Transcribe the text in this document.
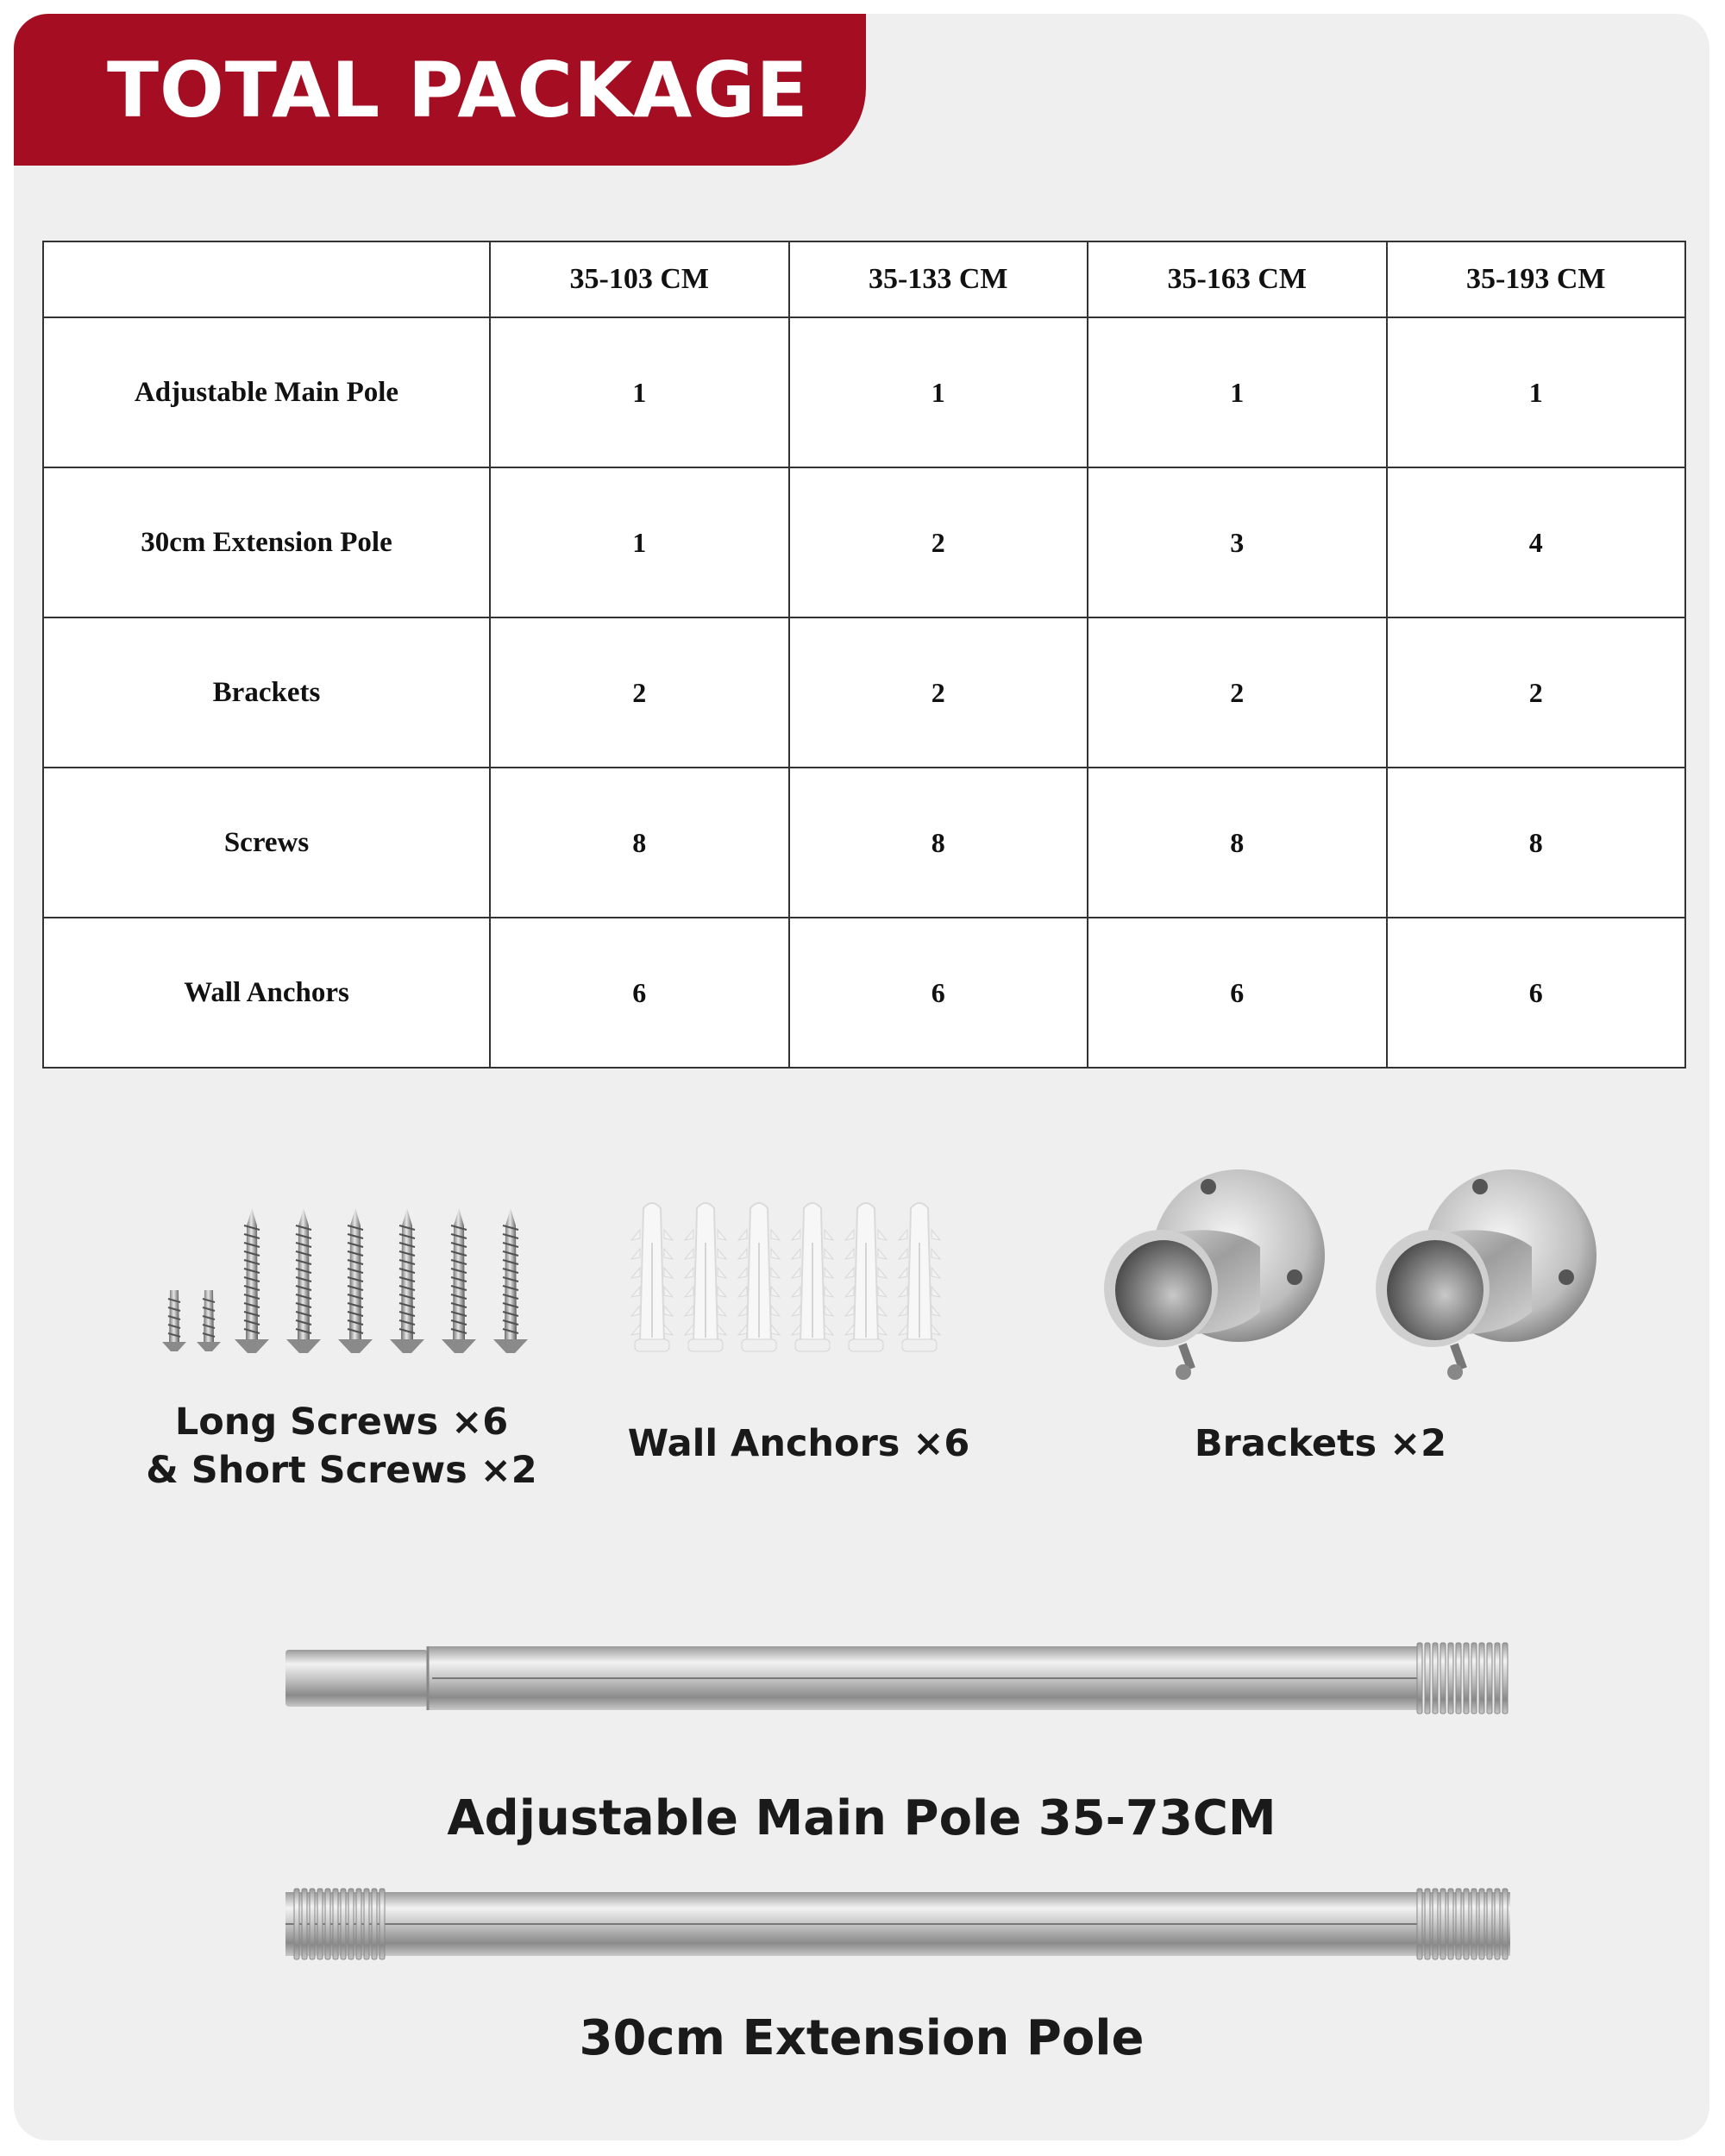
TOTAL PACKAGE
	35-103 CM	35-133 CM	35-163 CM	35-193 CM
Adjustable Main Pole	1	1	1	1
30cm Extension Pole	1	2	3	4
Brackets	2	2	2	2
Screws	8	8	8	8
Wall Anchors	6	6	6	6
Long Screws ×6
& Short Screws ×2
Wall Anchors ×6	Brackets ×2
Adjustable Main Pole 35-73CM
30cm Extension Pole
